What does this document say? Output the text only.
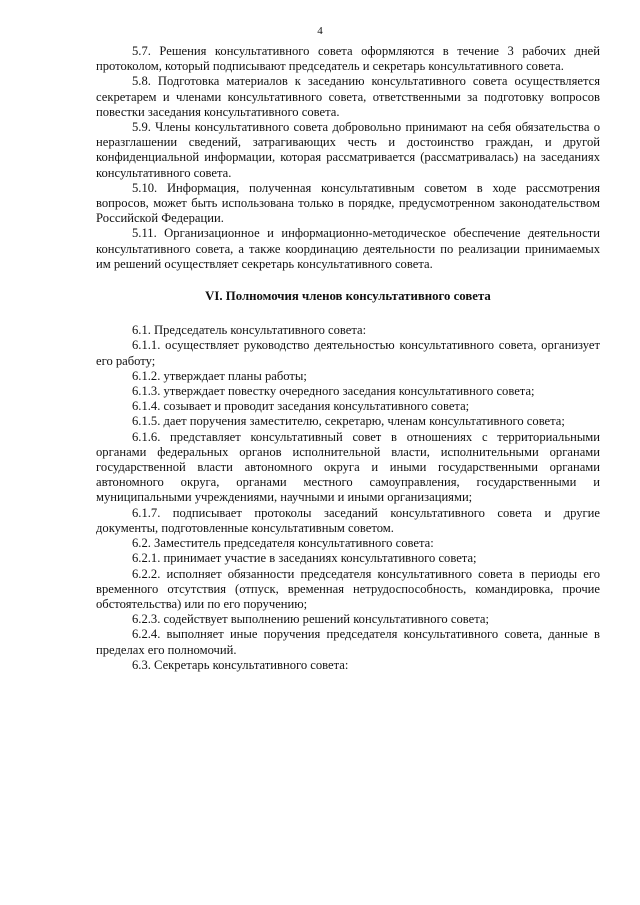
4

5.7. Решения консультативного совета оформляются в течение 3 рабочих дней протоколом, который подписывают председатель и секретарь консультативного совета.

5.8. Подготовка материалов к заседанию консультативного совета осуществляется секретарем и членами консультативного совета, ответственными за подготовку вопросов повестки заседания консультативного совета.

5.9. Члены консультативного совета добровольно принимают на себя обязательства о неразглашении сведений, затрагивающих честь и достоинство граждан, и другой конфиденциальной информации, которая рассматривается (рассматривалась) на заседаниях консультативного совета.

5.10. Информация, полученная консультативным советом в ходе рассмотрения вопросов, может быть использована только в порядке, предусмотренном законодательством Российской Федерации.

5.11. Организационное и информационно-методическое обеспечение деятельности консультативного совета, а также координацию деятельности по реализации принимаемых им решений осуществляет секретарь консультативного совета.

VI. Полномочия членов консультативного совета

6.1. Председатель консультативного совета:

6.1.1. осуществляет руководство деятельностью консультативного совета, организует его работу;

6.1.2. утверждает планы работы;

6.1.3. утверждает повестку очередного заседания консультативного совета;

6.1.4. созывает и проводит заседания консультативного совета;

6.1.5. дает поручения заместителю, секретарю, членам консультативного совета;

6.1.6. представляет консультативный совет в отношениях с территориальными органами федеральных органов исполнительной власти, исполнительными органами государственной власти автономного округа и иными государственными органами автономного округа, органами местного самоуправления, государственными и муниципальными учреждениями, научными и иными организациями;

6.1.7. подписывает протоколы заседаний консультативного совета и другие документы, подготовленные консультативным советом.

6.2. Заместитель председателя консультативного совета:

6.2.1. принимает участие в заседаниях консультативного совета;

6.2.2. исполняет обязанности председателя консультативного совета в периоды его временного отсутствия (отпуск, временная нетрудоспособность, командировка, прочие обстоятельства) или по его поручению;

6.2.3. содействует выполнению решений консультативного совета;

6.2.4. выполняет иные поручения председателя консультативного совета, данные в пределах его полномочий.

6.3. Секретарь консультативного совета:
